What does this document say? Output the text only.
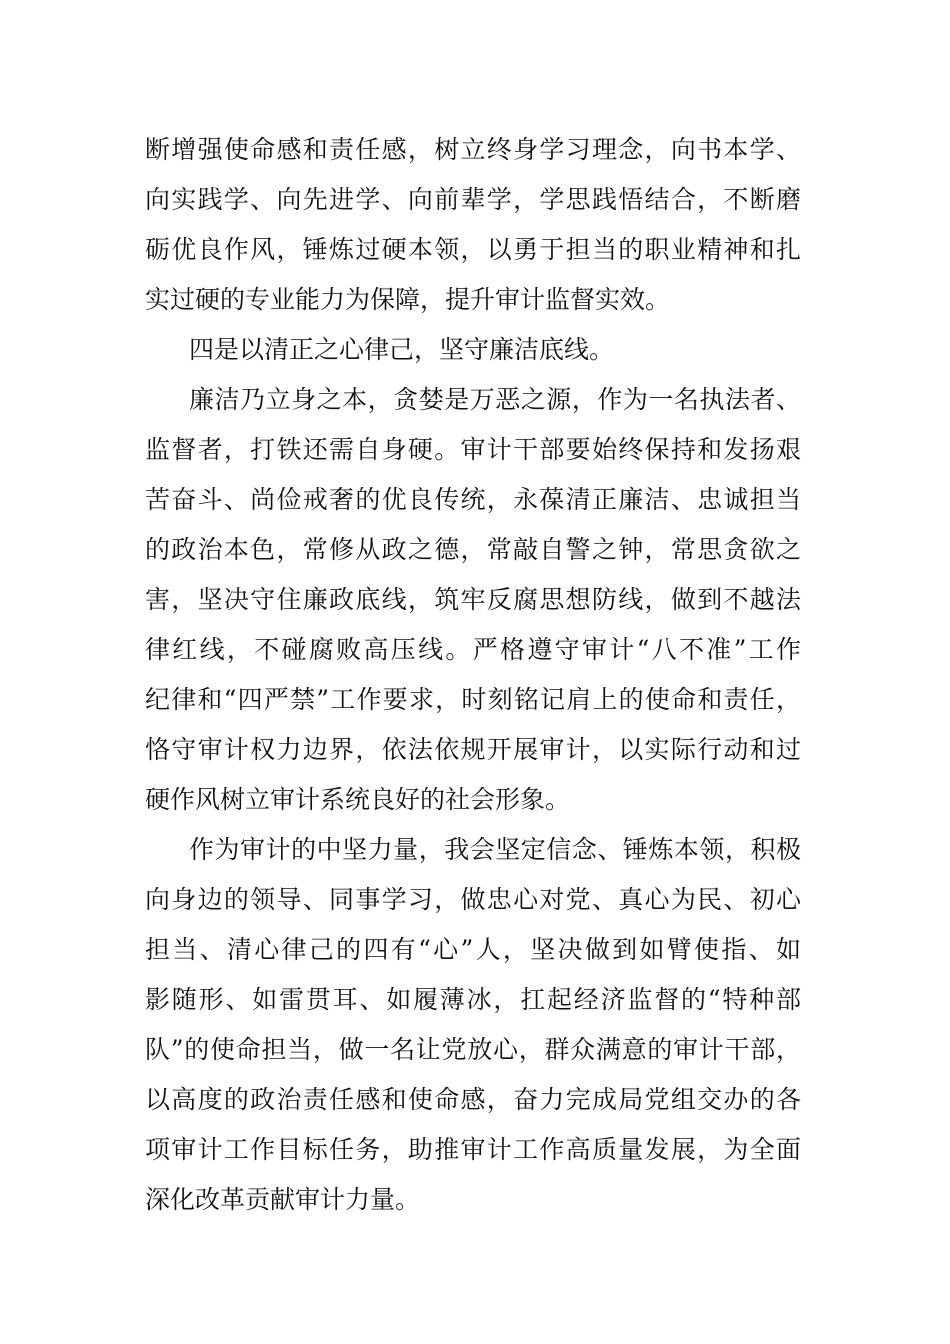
断增强使命感和责任感，树立终身学习理念，向书本学、
向实践学、向先进学、向前辈学，学思践悟结合，不断磨
砺优良作风，锤炼过硬本领，以勇于担当的职业精神和扎
实过硬的专业能力为保障，提升审计监督实效。
四是以清正之心律己，坚守廉洁底线。
廉洁乃立身之本，贪婪是万恶之源，作为一名执法者、
监督者，打铁还需自身硬。审计干部要始终保持和发扬艰
苦奋斗、尚俭戒奢的优良传统，永葆清正廉洁、忠诚担当
的政治本色，常修从政之德，常敲自警之钟，常思贪欲之
害，坚决守住廉政底线，筑牢反腐思想防线，做到不越法
律红线，不碰腐败高压线。严格遵守审计“八不准”工作
纪律和“四严禁”工作要求，时刻铭记肩上的使命和责任，
恪守审计权力边界，依法依规开展审计，以实际行动和过
硬作风树立审计系统良好的社会形象。
作为审计的中坚力量，我会坚定信念、锤炼本领，积极
向身边的领导、同事学习，做忠心对党、真心为民、初心
担当、清心律己的四有“心”人，坚决做到如臂使指、如
影随形、如雷贯耳、如履薄冰，扛起经济监督的“特种部
队”的使命担当，做一名让党放心，群众满意的审计干部，
以高度的政治责任感和使命感，奋力完成局党组交办的各
项审计工作目标任务，助推审计工作高质量发展，为全面
深化改革贡献审计力量。
